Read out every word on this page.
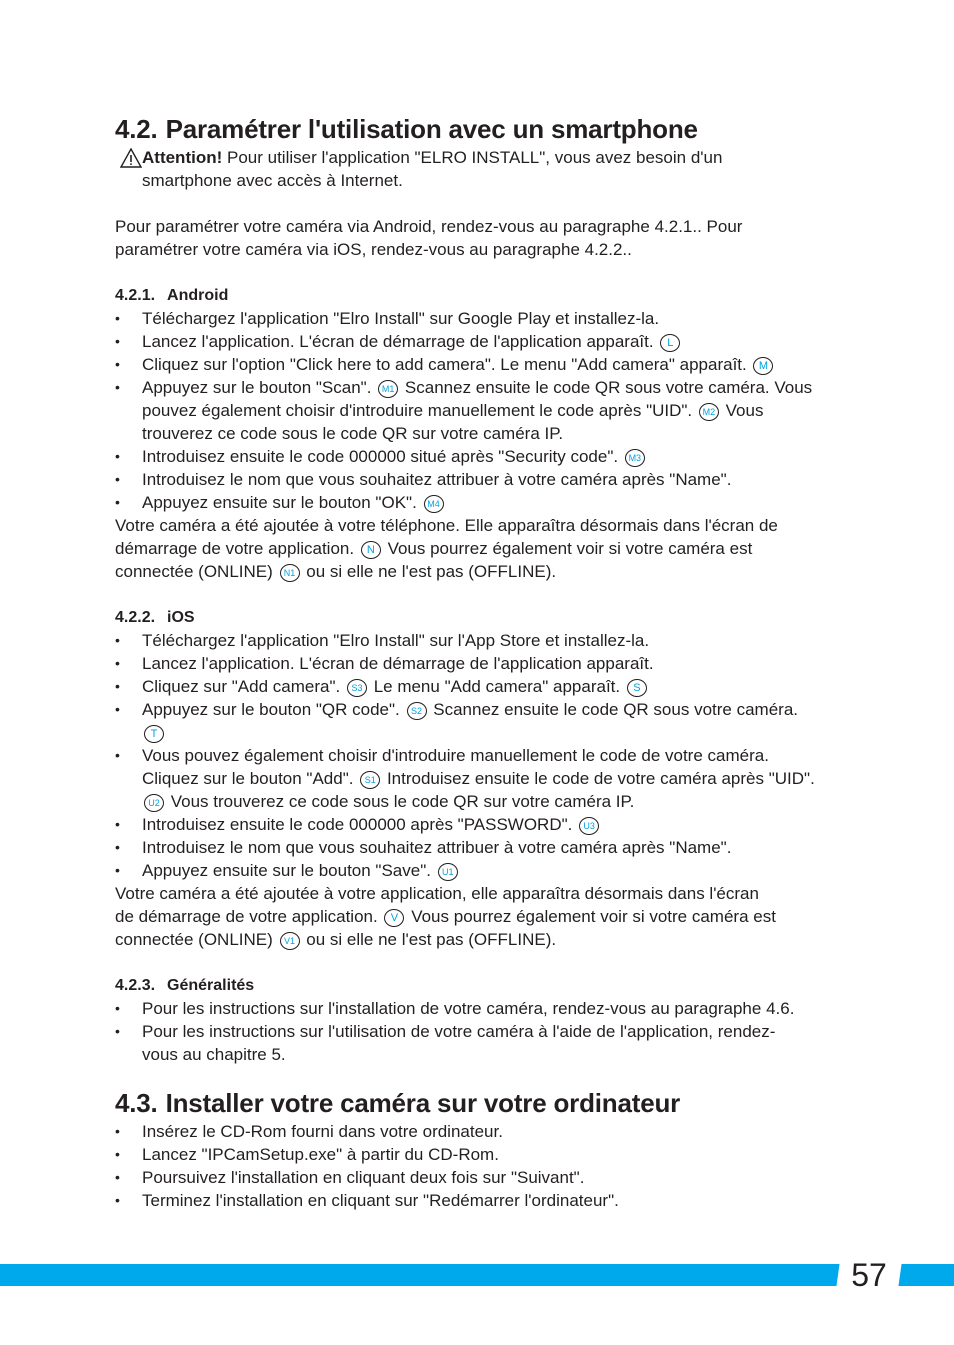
4.2. Paramétrer l'utilisation avec un smartphone

Attention! Pour utiliser l'application "ELRO INSTALL", vous avez besoin d'un
smartphone avec accès à Internet.

Pour paramétrer votre caméra via Android, rendez-vous au paragraphe 4.2.1.. Pour
paramétrer votre caméra via iOS, rendez-vous au paragraphe 4.2.2..

4.2.1. Android
• Téléchargez l'application "Elro Install" sur Google Play et installez-la.
• Lancez l'application. L'écran de démarrage de l'application apparaît. L
• Cliquez sur l'option "Click here to add camera". Le menu "Add camera" apparaît. M
• Appuyez sur le bouton "Scan". M1 Scannez ensuite le code QR sous votre caméra. Vous
pouvez également choisir d'introduire manuellement le code après "UID". M2 Vous
trouverez ce code sous le code QR sur votre caméra IP.
• Introduisez ensuite le code 000000 situé après "Security code". M3
• Introduisez le nom que vous souhaitez attribuer à votre caméra après "Name".
• Appuyez ensuite sur le bouton "OK". M4

Votre caméra a été ajoutée à votre téléphone. Elle apparaîtra désormais dans l'écran de
démarrage de votre application. N Vous pourrez également voir si votre caméra est
connectée (ONLINE) N1 ou si elle ne l'est pas (OFFLINE).

4.2.2. iOS
• Téléchargez l'application "Elro Install" sur l'App Store et installez-la.
• Lancez l'application. L'écran de démarrage de l'application apparaît.
• Cliquez sur "Add camera". S3 Le menu "Add camera" apparaît. S
• Appuyez sur le bouton "QR code". S2 Scannez ensuite le code QR sous votre caméra.
T
• Vous pouvez également choisir d'introduire manuellement le code de votre caméra.
Cliquez sur le bouton "Add". S1 Introduisez ensuite le code de votre caméra après "UID".
U2 Vous trouverez ce code sous le code QR sur votre caméra IP.
• Introduisez ensuite le code 000000 après "PASSWORD". U3
• Introduisez le nom que vous souhaitez attribuer à votre caméra après "Name".
• Appuyez ensuite sur le bouton "Save". U1

Votre caméra a été ajoutée à votre application, elle apparaîtra désormais dans l'écran
de démarrage de votre application. V Vous pourrez également voir si votre caméra est
connectée (ONLINE) V1 ou si elle ne l'est pas (OFFLINE).

4.2.3. Généralités
• Pour les instructions sur l'installation de votre caméra, rendez-vous au paragraphe 4.6.
• Pour les instructions sur l'utilisation de votre caméra à l'aide de l'application, rendez-
vous au chapitre 5.
4.3. Installer votre caméra sur votre ordinateur
• Insérez le CD-Rom fourni dans votre ordinateur.
• Lancez "IPCamSetup.exe" à partir du CD-Rom.
• Poursuivez l'installation en cliquant deux fois sur "Suivant".
• Terminez l'installation en cliquant sur "Redémarrer l'ordinateur".
57
